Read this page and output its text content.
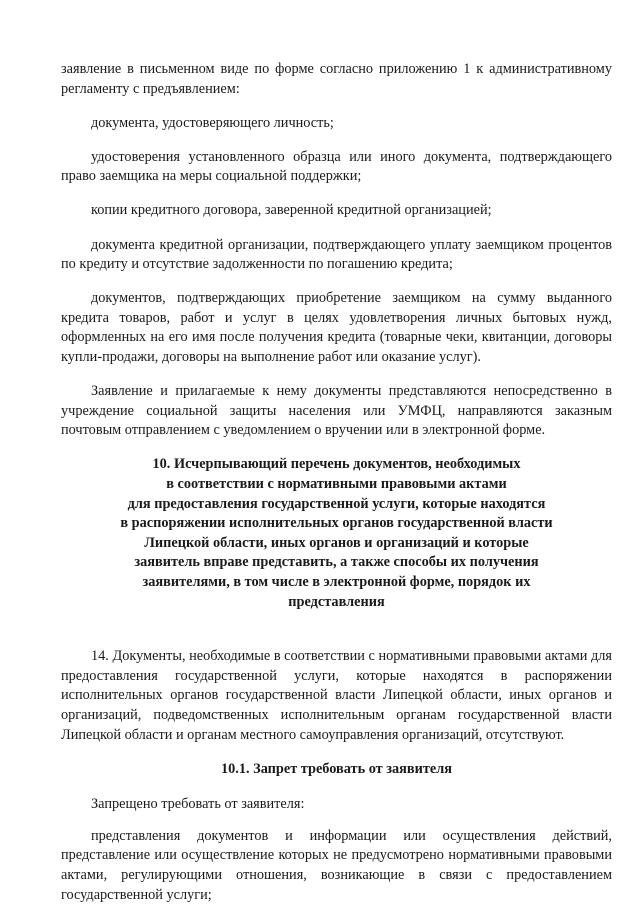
заявление в письменном виде по форме согласно приложению 1 к административному регламенту с предъявлением:

документа, удостоверяющего личность;

удостоверения установленного образца или иного документа, подтверждающего право заемщика на меры социальной поддержки;

копии кредитного договора, заверенной кредитной организацией;

документа кредитной организации, подтверждающего уплату заемщиком процентов по кредиту и отсутствие задолженности по погашению кредита;

документов, подтверждающих приобретение заемщиком на сумму выданного кредита товаров, работ и услуг в целях удовлетворения личных бытовых нужд, оформленных на его имя после получения кредита (товарные чеки, квитанции, договоры купли-продажи, договоры на выполнение работ или оказание услуг).

Заявление и прилагаемые к нему документы представляются непосредственно в учреждение социальной защиты населения или УМФЦ, направляются заказным почтовым отправлением с уведомлением о вручении или в электронной форме.

10. Исчерпывающий перечень документов, необходимых
в соответствии с нормативными правовыми актами
для предоставления государственной услуги, которые находятся
в распоряжении исполнительных органов государственной власти
Липецкой области, иных органов и организаций и которые
заявитель вправе представить, а также способы их получения
заявителями, в том числе в электронной форме, порядок их
представления

14. Документы, необходимые в соответствии с нормативными правовыми актами для предоставления государственной услуги, которые находятся в распоряжении исполнительных органов государственной власти Липецкой области, иных органов и организаций, подведомственных исполнительным органам государственной власти Липецкой области и органам местного самоуправления организаций, отсутствуют.

10.1. Запрет требовать от заявителя

Запрещено требовать от заявителя:

представления документов и информации или осуществления действий, представление или осуществление которых не предусмотрено нормативными правовыми актами, регулирующими отношения, возникающие в связи с предоставлением государственной услуги;
